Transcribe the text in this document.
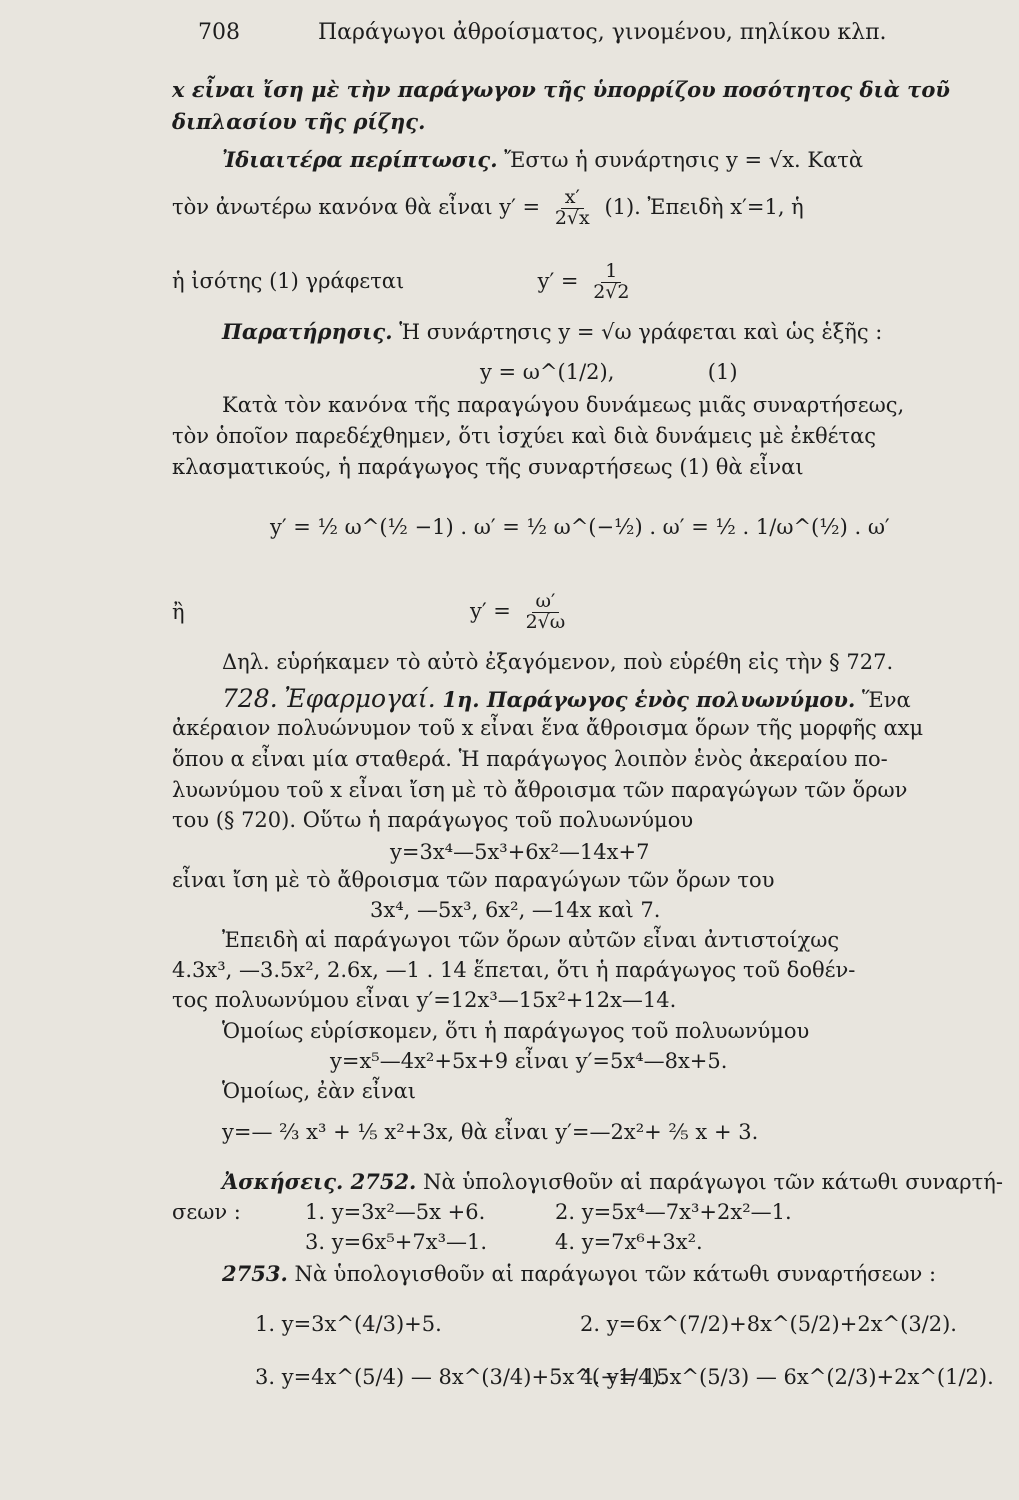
708	Παράγωγοι ἀθροίσματος, γινομένου, πηλίκου κλπ.
x εἶναι ἴση μὲ τὴν παράγωγον τῆς ὑπορρίζου ποσότητος διὰ τοῦ
διπλασίου τῆς ρίζης.
Ἰδιαιτέρα περίπτωσις. Ἔστω ἡ συνάρτησις y = √x. Κατὰ
τὸν ἀνωτέρω κανόνα θὰ εἶναι $y' = \frac{x'}{2√x} (1)$. Ἐπειδὴ x′=1, ἡ
ἡ ἰσότης (1) γράφεται	$y' = \frac{1}{2√2}$
Παρατήρησις. Ἡ συνάρτησις y = √ω γράφεται καὶ ὡς ἑξῆς :
y = ω^(1/2),	(1)
Κατὰ τὸν κανόνα τῆς παραγώγου δυνάμεως μιᾶς συναρτήσεως,
τὸν ὁποῖον παρεδέχθημεν, ὅτι ἰσχύει καὶ διὰ δυνάμεις μὲ ἐκθέτας
κλασματικούς, ἡ παράγωγος τῆς συναρτήσεως (1) θὰ εἶναι
y′ = ½ ω^(½ −1) . ω′ = ½ ω^(−½) . ω′ = ½ . 1/ω^(½) . ω′
ἢ	$y' = \frac{\omega'}{2√\omega}$
Δηλ. εὑρήκαμεν τὸ αὐτὸ ἐξαγόμενον, ποὺ εὑρέθη εἰς τὴν § 727.
728. Ἐφαρμογαί. 1η. Παράγωγος ἑνὸς πολυωνύμου. Ἕνα
ἀκέραιον πολυώνυμον τοῦ x εἶναι ἕνα ἄθροισμα ὅρων τῆς μορφῆς αxμ
ὅπου α εἶναι μία σταθερά. Ἡ παράγωγος λοιπὸν ἑνὸς ἀκεραίου πο-
λυωνύμου τοῦ x εἶναι ἴση μὲ τὸ ἄθροισμα τῶν παραγώγων τῶν ὅρων
του (§ 720). Οὕτω ἡ παράγωγος τοῦ πολυωνύμου
y=3x⁴—5x³+6x²—14x+7
εἶναι ἴση μὲ τὸ ἄθροισμα τῶν παραγώγων τῶν ὅρων του
3x⁴, —5x³, 6x², —14x καὶ 7.
Ἐπειδὴ αἱ παράγωγοι τῶν ὅρων αὐτῶν εἶναι ἀντιστοίχως
4.3x³, —3.5x², 2.6x, —1 . 14 ἕπεται, ὅτι ἡ παράγωγος τοῦ δοθέν-
τος πολυωνύμου εἶναι y′=12x³—15x²+12x—14.
Ὁμοίως εὑρίσκομεν, ὅτι ἡ παράγωγος τοῦ πολυωνύμου
y=x⁵—4x²+5x+9 εἶναι y′=5x⁴—8x+5.
Ὁμοίως, ἐὰν εἶναι
y=— ⅔ x³ + ⅕ x²+3x, θὰ εἶναι y′=—2x²+ ⅖ x + 3.
Ἀσκήσεις. 2752. Νὰ ὑπολογισθοῦν αἱ παράγωγοι τῶν κάτωθι συναρτή-
σεων :	1. y=3x²—5x +6.	2. y=5x⁴—7x³+2x²—1.
3. y=6x⁵+7x³—1.	4. y=7x⁶+3x².
2753. Νὰ ὑπολογισθοῦν αἱ παράγωγοι τῶν κάτωθι συναρτήσεων :
1. y=3x^(4/3)+5.	2. y=6x^(7/2)+8x^(5/2)+2x^(3/2).
3. y=4x^(5/4) — 8x^(3/4)+5x^(−1/4).
4. y= 15x^(5/3) — 6x^(2/3)+2x^(1/2).
